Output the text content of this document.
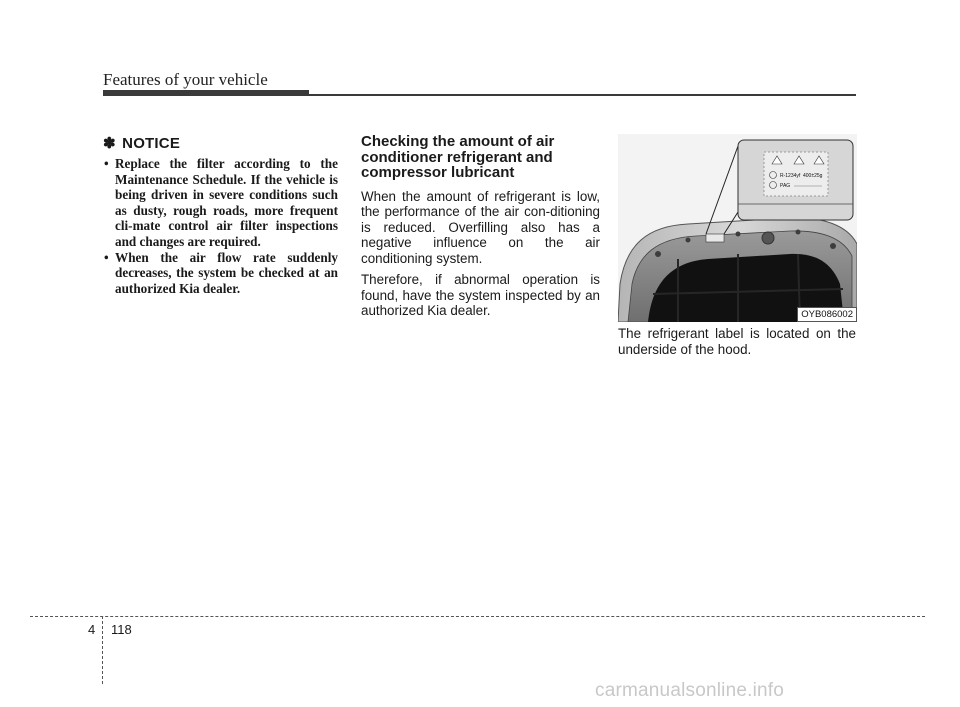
Features of your vehicle
✽ NOTICE

• Replace the filter according to the Maintenance Schedule. If the vehicle is being driven in severe conditions such as dusty, rough roads, more frequent cli-mate control air filter inspections and changes are required.

• When the air flow rate suddenly decreases, the system be checked at an authorized Kia dealer.

Checking the amount of air conditioner refrigerant and compressor lubricant

When the amount of refrigerant is low, the performance of the air con-ditioning is reduced. Overfilling also has a negative influence on the air conditioning system.

Therefore, if abnormal operation is found, have the system inspected by an authorized Kia dealer.

R-1234yf 400±25g
PAG
OYB086002

The refrigerant label is located on the underside of the hood.

4 118
carmanualsonline.info
